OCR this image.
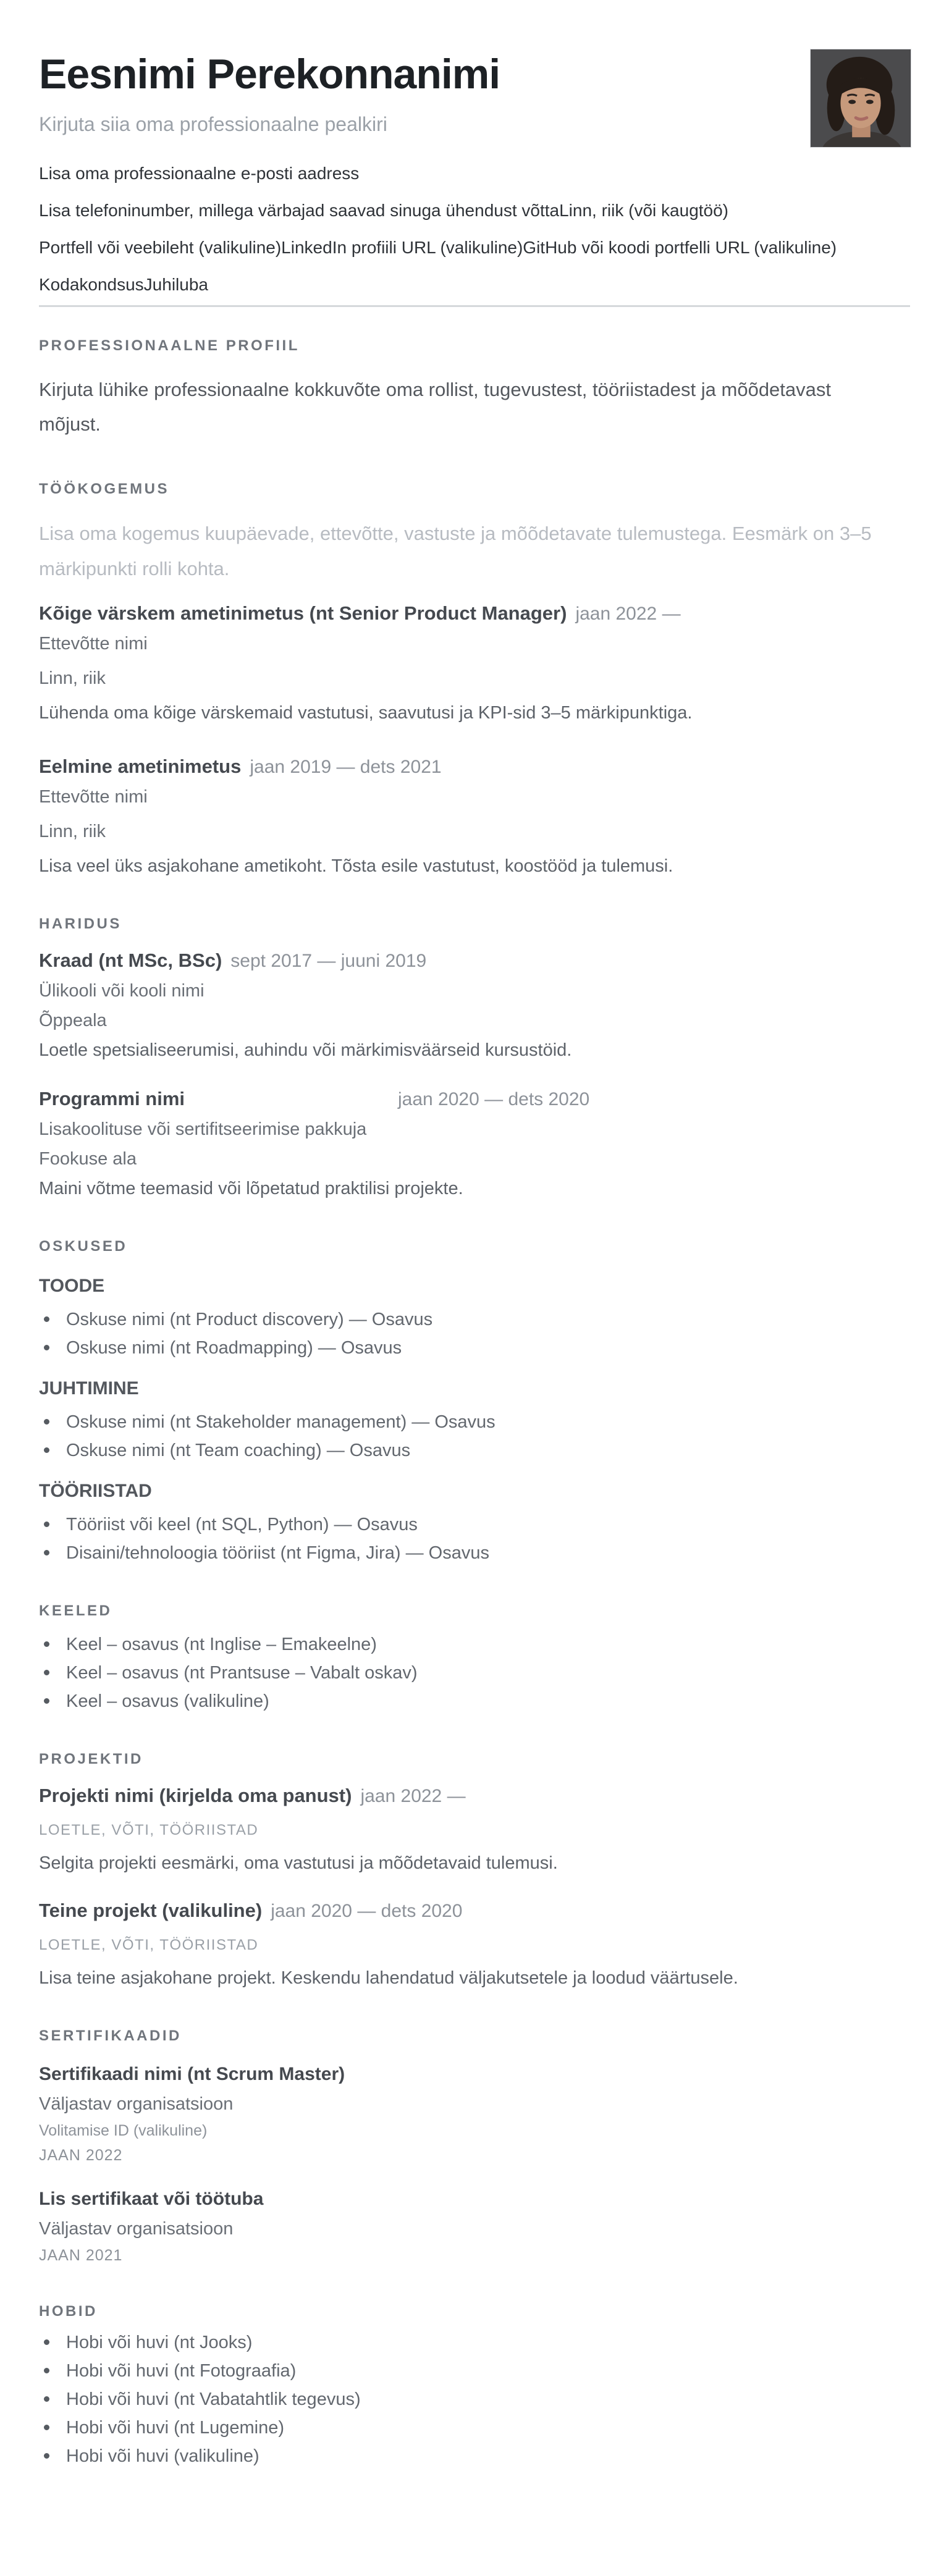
Eesnimi Perekonnanimi
Kirjuta siia oma professionaalne pealkiri
Lisa oma professionaalne e-posti aadress
Lisa telefoninumber, millega värbajad saavad sinuga ühendust võttaLinn, riik (või kaugtöö)
Portfell või veebileht (valikuline)LinkedIn profiili URL (valikuline)GitHub või koodi portfelli URL (valikuline)
KodakondsusJuhiluba
PROFESSIONAALNE PROFIIL

Kirjuta lühike professionaalne kokkuvõte oma rollist, tugevustest, tööriistadest ja mõõdetavast mõjust.

TÖÖKOGEMUS

Lisa oma kogemus kuupäevade, ettevõtte, vastuste ja mõõdetavate tulemustega. Eesmärk on 3–5 märkipunkti rolli kohta.

Kõige värskem ametinimetus (nt Senior Product Manager) jaan 2022 —
Ettevõtte nimi
Linn, riik
Lühenda oma kõige värskemaid vastutusi, saavutusi ja KPI-sid 3–5 märkipunktiga.
Eelmine ametinimetus jaan 2019 — dets 2021
Ettevõtte nimi
Linn, riik
Lisa veel üks asjakohane ametikoht. Tõsta esile vastutust, koostööd ja tulemusi.
HARIDUS
Kraad (nt MSc, BSc) sept 2017 — juuni 2019
Ülikooli või kooli nimi
Õppeala
Loetle spetsialiseerumisi, auhindu või märkimisväärseid kursustöid.
Programmi nimi	jaan 2020 — dets 2020
Lisakoolituse või sertifitseerimise pakkuja
Fookuse ala
Maini võtme teemasid või lõpetatud praktilisi projekte.
OSKUSED
TOODE
Oskuse nimi (nt Product discovery) — Osavus
Oskuse nimi (nt Roadmapping) — Osavus
JUHTIMINE
Oskuse nimi (nt Stakeholder management) — Osavus
Oskuse nimi (nt Team coaching) — Osavus
TÖÖRIISTAD
Tööriist või keel (nt SQL, Python) — Osavus
Disaini/tehnoloogia tööriist (nt Figma, Jira) — Osavus
KEELED
Keel – osavus (nt Inglise – Emakeelne)
Keel – osavus (nt Prantsuse – Vabalt oskav)
Keel – osavus (valikuline)
PROJEKTID
Projekti nimi (kirjelda oma panust) jaan 2022 —
LOETLE, VÕTI, TÖÖRIISTAD
Selgita projekti eesmärki, oma vastutusi ja mõõdetavaid tulemusi.
Teine projekt (valikuline) jaan 2020 — dets 2020
LOETLE, VÕTI, TÖÖRIISTAD
Lisa teine asjakohane projekt. Keskendu lahendatud väljakutsetele ja loodud väärtusele.
SERTIFIKAADID
Sertifikaadi nimi (nt Scrum Master)
Väljastav organisatsioon
Volitamise ID (valikuline)
JAAN 2022
Lis sertifikaat või töötuba
Väljastav organisatsioon
JAAN 2021
HOBID
Hobi või huvi (nt Jooks)
Hobi või huvi (nt Fotograafia)
Hobi või huvi (nt Vabatahtlik tegevus)
Hobi või huvi (nt Lugemine)
Hobi või huvi (valikuline)
